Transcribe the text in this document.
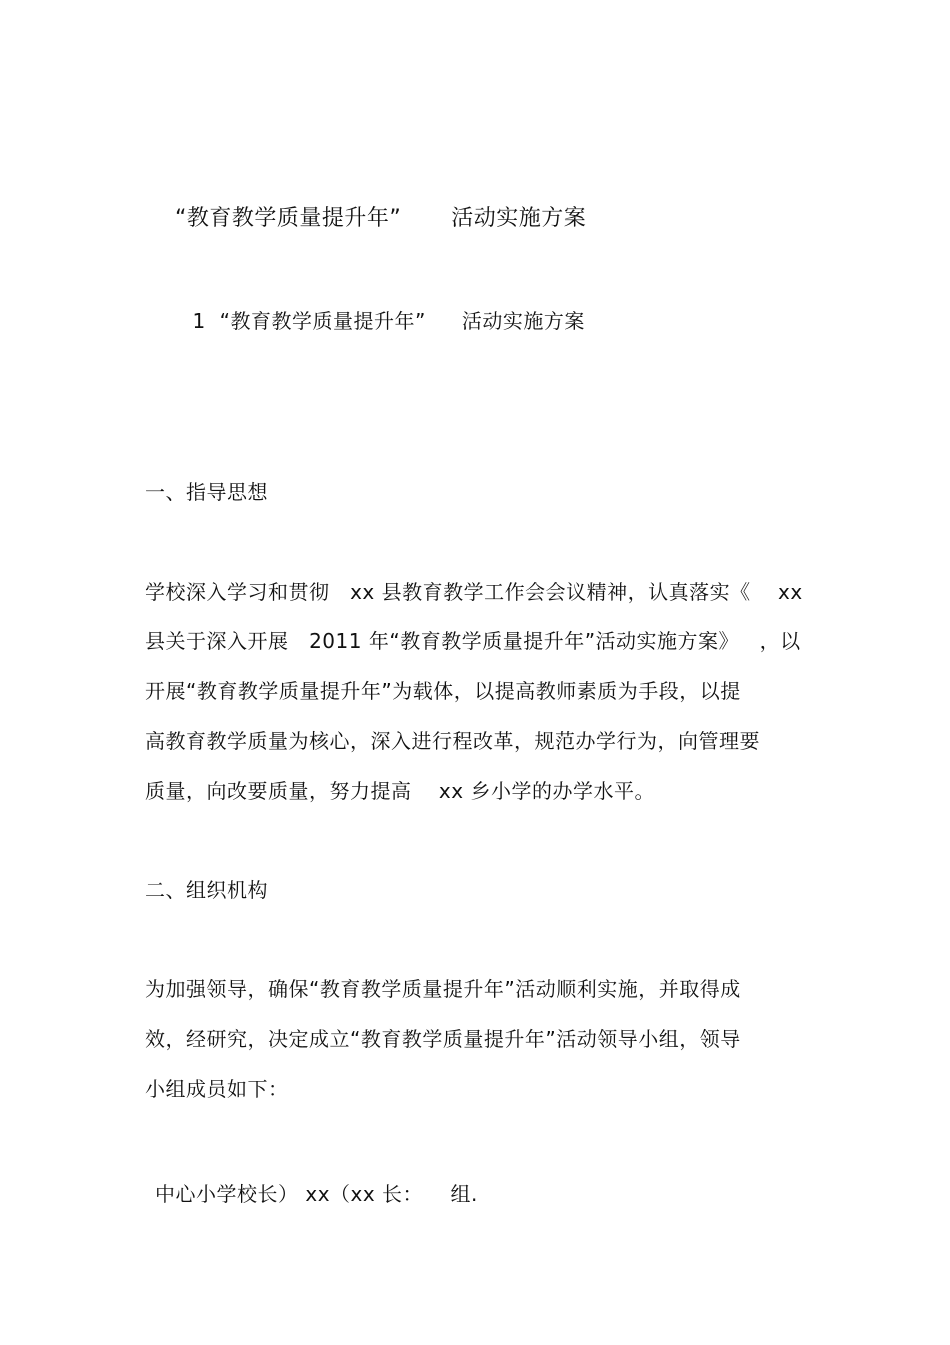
“教育教学质量提升年” 活动实施方案

1 “教育教学质量提升年” 活动实施方案

一、指导思想
学校深入学习和贯彻   xx 县教育教学工作会会议精神，认真落实《    xx
县关于深入开展   2011 年“教育教学质量提升年”活动实施方案》   ，以
开展“教育教学质量提升年”为载体，以提高教师素质为手段，以提
高教育教学质量为核心，深入进行程改革，规范办学行为，向管理要
质量，向改要质量，努力提高    xx 乡小学的办学水平。
二、组织机构
为加强领导，确保“教育教学质量提升年”活动顺利实施，并取得成
效，经研究，决定成立“教育教学质量提升年”活动领导小组，领导
小组成员如下：
中心小学校长） xx（xx 长：    组.
